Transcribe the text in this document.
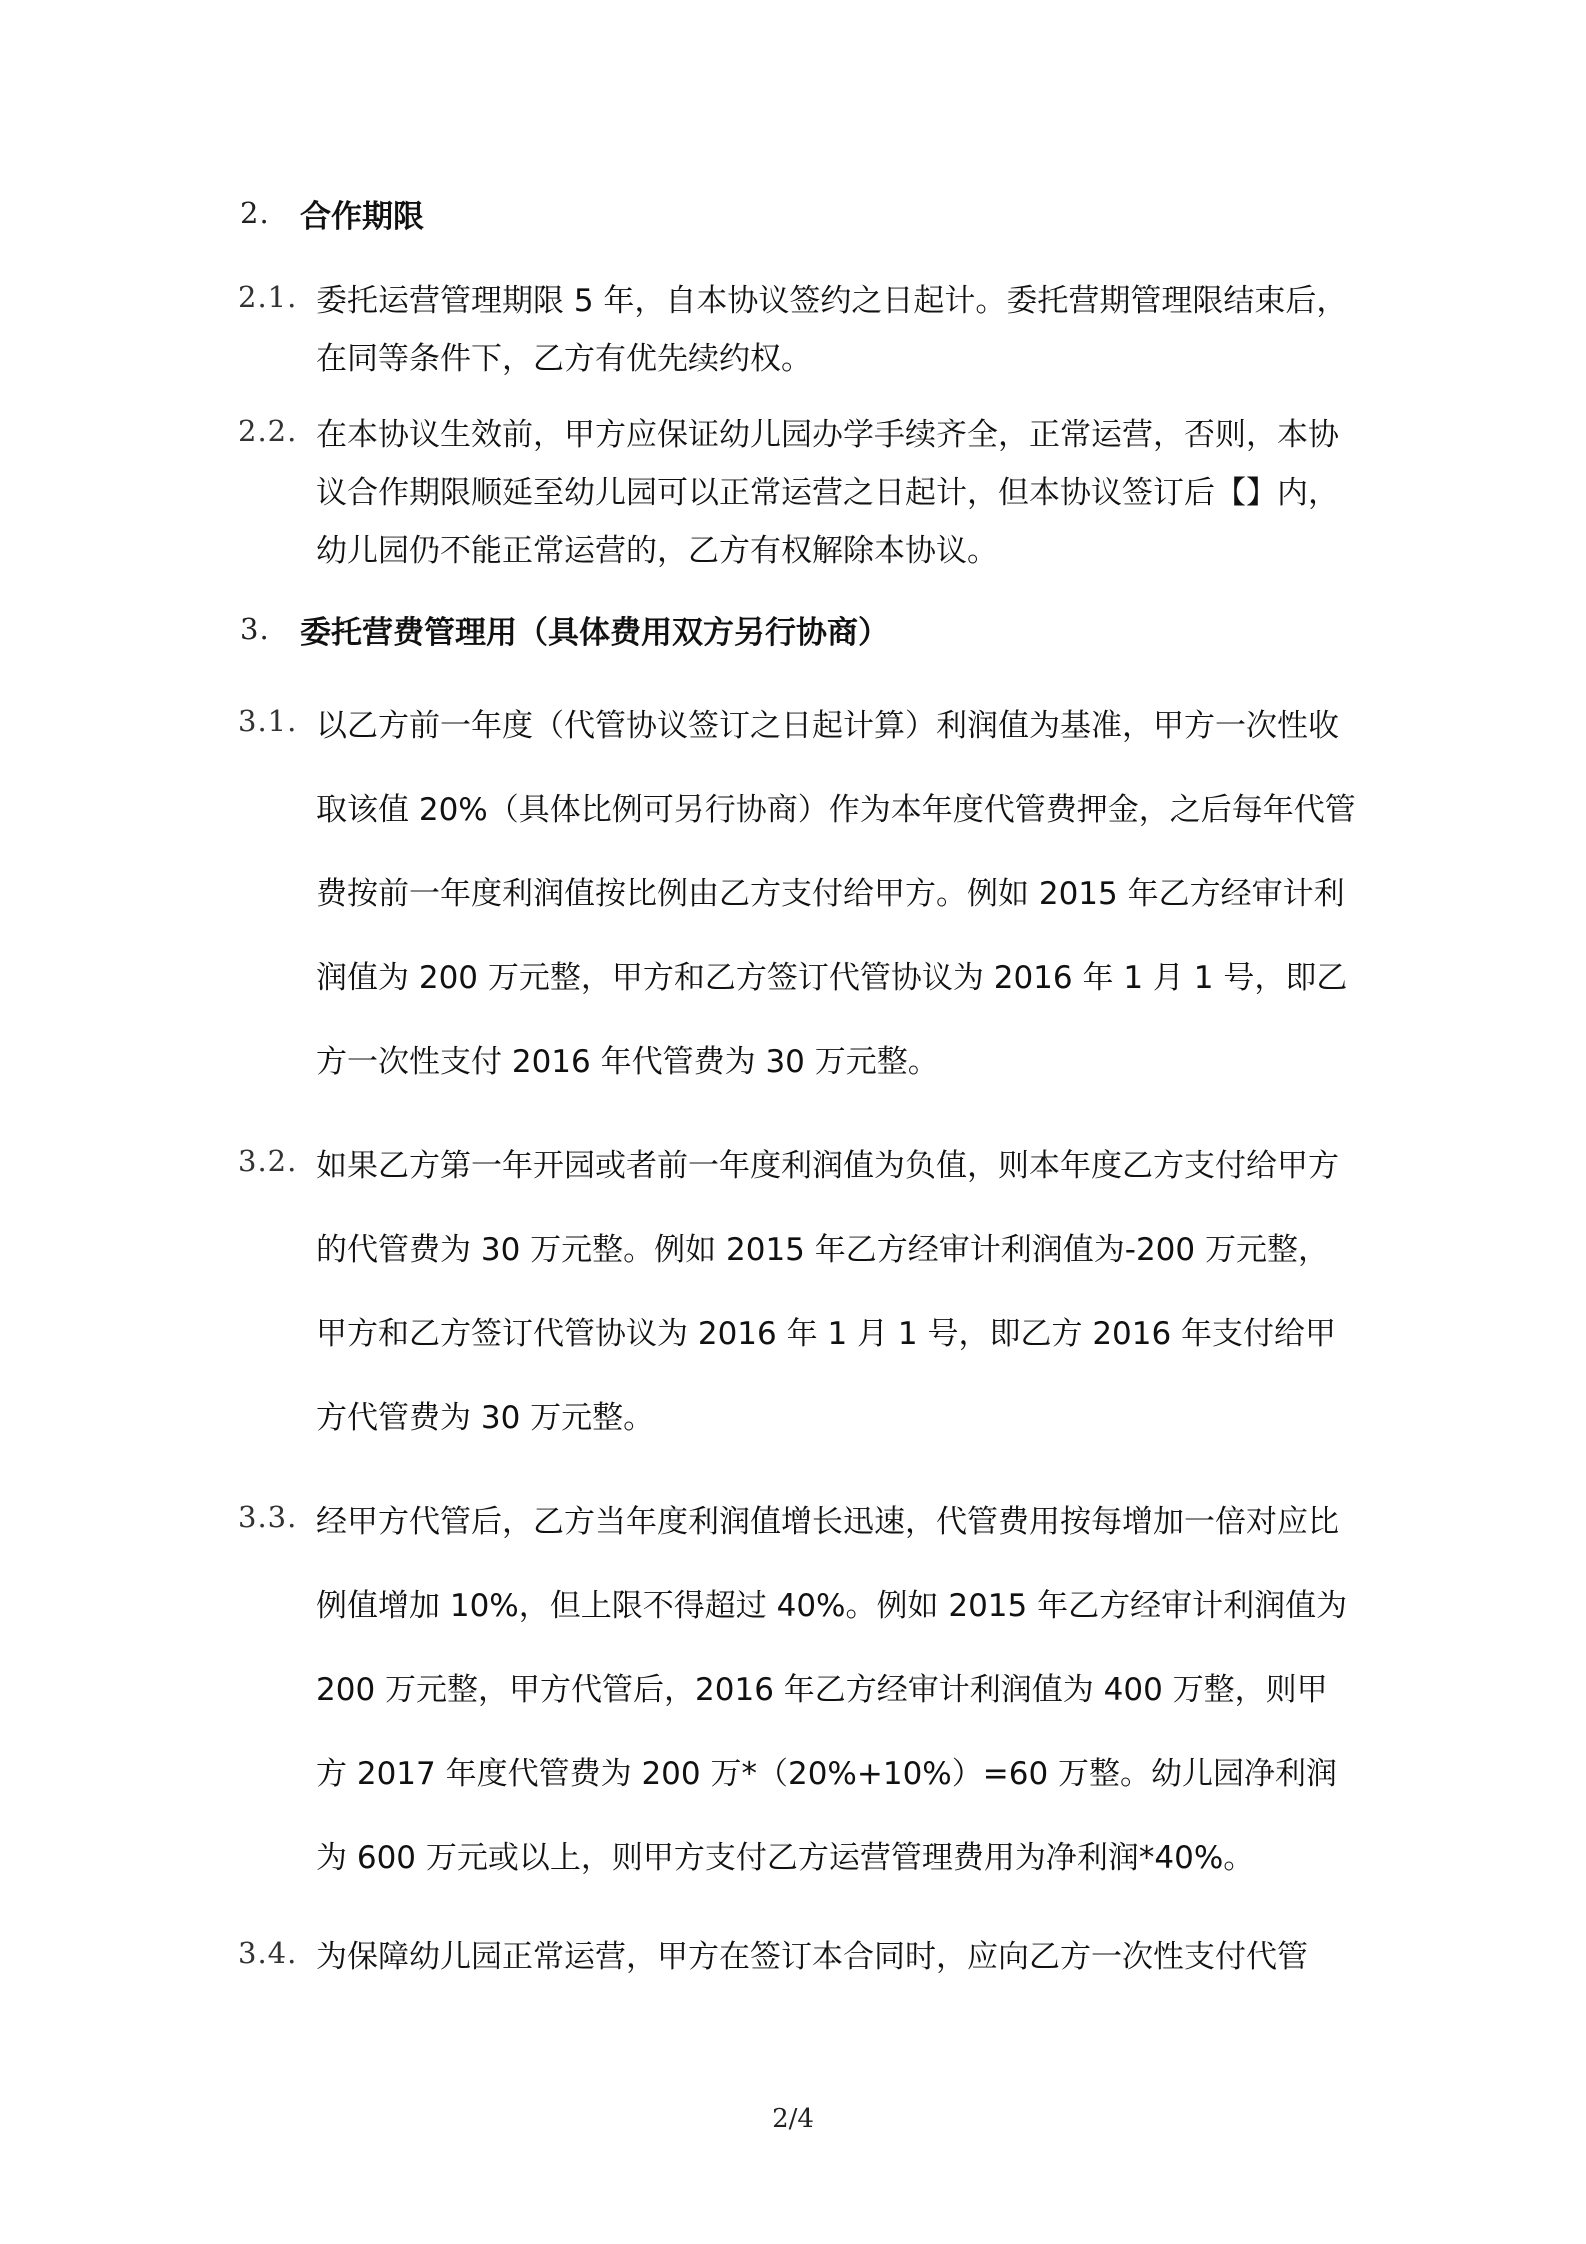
2. 合作期限
2.1. 委托运营管理期限 5 年，自本协议签约之日起计。委托营期管理限结束后，在同等条件下，乙方有优先续约权。
2.2. 在本协议生效前，甲方应保证幼儿园办学手续齐全，正常运营，否则，本协议合作期限顺延至幼儿园可以正常运营之日起计，但本协议签订后【】内，幼儿园仍不能正常运营的，乙方有权解除本协议。
3. 委托营费管理用（具体费用双方另行协商）
3.1. 以乙方前一年度（代管协议签订之日起计算）利润值为基准，甲方一次性收取该值 20%（具体比例可另行协商）作为本年度代管费押金，之后每年代管费按前一年度利润值按比例由乙方支付给甲方。例如 2015 年乙方经审计利润值为 200 万元整，甲方和乙方签订代管协议为 2016 年 1 月 1 号，即乙方一次性支付 2016 年代管费为 30 万元整。
3.2. 如果乙方第一年开园或者前一年度利润值为负值，则本年度乙方支付给甲方的代管费为 30 万元整。例如 2015 年乙方经审计利润值为-200 万元整，甲方和乙方签订代管协议为 2016 年 1 月 1 号，即乙方 2016 年支付给甲方代管费为 30 万元整。
3.3. 经甲方代管后，乙方当年度利润值增长迅速，代管费用按每增加一倍对应比例值增加 10%，但上限不得超过 40%。例如 2015 年乙方经审计利润值为 200 万元整，甲方代管后，2016 年乙方经审计利润值为 400 万整，则甲方 2017 年度代管费为 200 万*（20%+10%）=60 万整。幼儿园净利润为 600 万元或以上，则甲方支付乙方运营管理费用为净利润*40%。
3.4. 为保障幼儿园正常运营，甲方在签订本合同时，应向乙方一次性支付代管
2/4
